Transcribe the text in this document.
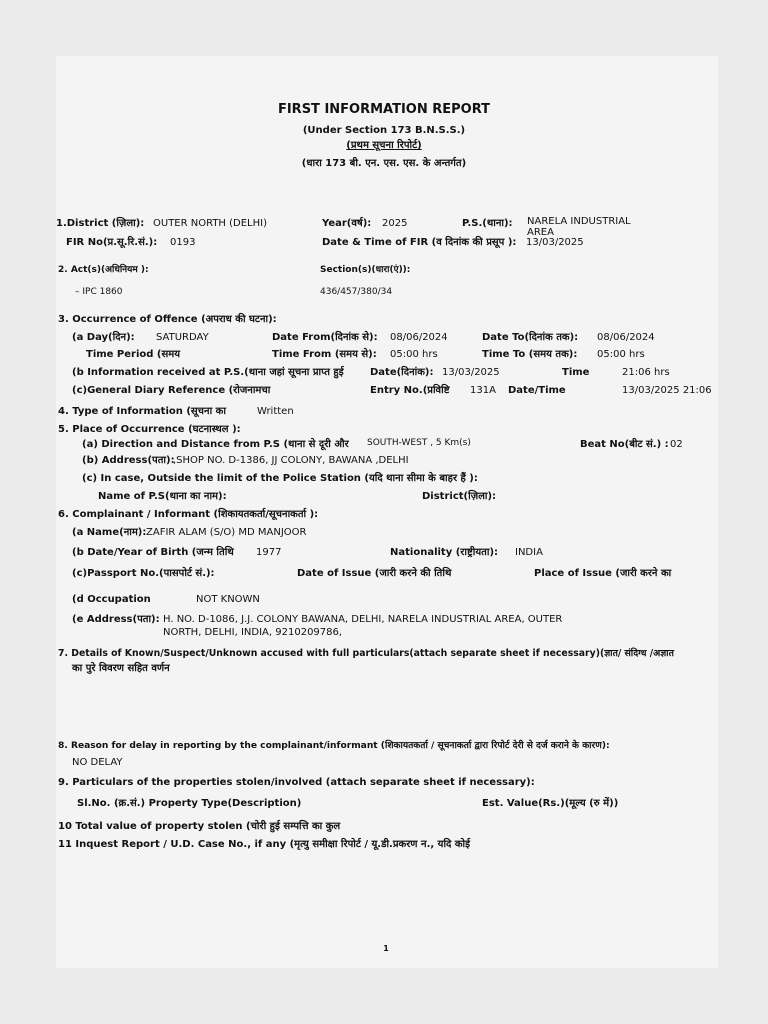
FIRST INFORMATION REPORT
(Under Section 173 B.N.S.S.)
(प्रथम सूचना रिपोर्ट)
(धारा 173 बी. एन. एस. एस. के अन्तर्गत)
1.District (ज़िला): OUTER NORTH (DELHI)	Year(वर्ष): 2025	P.S.(थाना): NARELA INDUSTRIAL
AREA
FIR No(प्र.सू.रि.सं.): 0193	Date & Time of FIR (व दिनांक की प्रसूप ): 13/03/2025
2. Act(s)(अधिनियम ):	Section(s)(धारा(एं)):
– IPC 1860	436/457/380/34
3. Occurrence of Offence (अपराध की घटना):
(a Day(दिन): SATURDAY	Date From(दिनांक से): 08/06/2024	Date To(दिनांक तक): 08/06/2024
Time Period (समय	Time From (समय से): 05:00 hrs	Time To (समय तक): 05:00 hrs
(b Information received at P.S.(थाना जहां सूचना प्राप्त हुई	Date(दिनांक): 13/03/2025	Time	21:06 hrs
(c)General Diary Reference (रोजनामचा	Entry No.(प्रविष्टि 131A Date/Time	13/03/2025 21:06
4. Type of Information (सूचना का	Written
5. Place of Occurrence (घटनास्थल ):
(a) Direction and Distance from P.S (थाना से दूरी और SOUTH-WEST , 5 Km(s)	Beat No(बीट सं.) : 02
(b) Address(पता):
,SHOP NO. D-1386, JJ COLONY, BAWANA ,DELHI
(c) In case, Outside the limit of the Police Station (यदि थाना सीमा के बाहर हैं ):
Name of P.S(थाना का नाम):	District(ज़िला):
6. Complainant / Informant (शिकायतकर्ता/सूचनाकर्ता ):
(a Name(नाम): ZAFIR ALAM (S/O) MD MANJOOR
(b Date/Year of Birth (जन्म तिथि 1977	Nationality (राष्ट्रीयता): INDIA
(c)Passport No.(पासपोर्ट सं.):	Date of Issue (जारी करने की तिथि	Place of Issue (जारी करने का
(d Occupation	NOT KNOWN
(e Address(पता): H. NO. D-1086, J.J. COLONY BAWANA, DELHI, NARELA INDUSTRIAL AREA, OUTER
NORTH, DELHI, INDIA, 9210209786,
7. Details of Known/Suspect/Unknown accused with full particulars(attach separate sheet if necessary)(ज्ञात/ संदिग्ध /अज्ञात
का पुरे विवरण सहित वर्णन
8. Reason for delay in reporting by the complainant/informant (शिकायतकर्ता / सूचनाकर्ता द्वारा रिपोर्ट देरी से दर्ज कराने के कारण):
NO DELAY
9. Particulars of the properties stolen/involved (attach separate sheet if necessary):
Sl.No. (क्र.सं.) Property Type(Description)	Est. Value(Rs.)(मूल्य (रु में))
10 Total value of property stolen (चोरी हुई सम्पत्ति का कुल
11 Inquest Report / U.D. Case No., if any (मृत्यु समीक्षा रिपोर्ट / यू.डी.प्रकरण न., यदि कोई
1
